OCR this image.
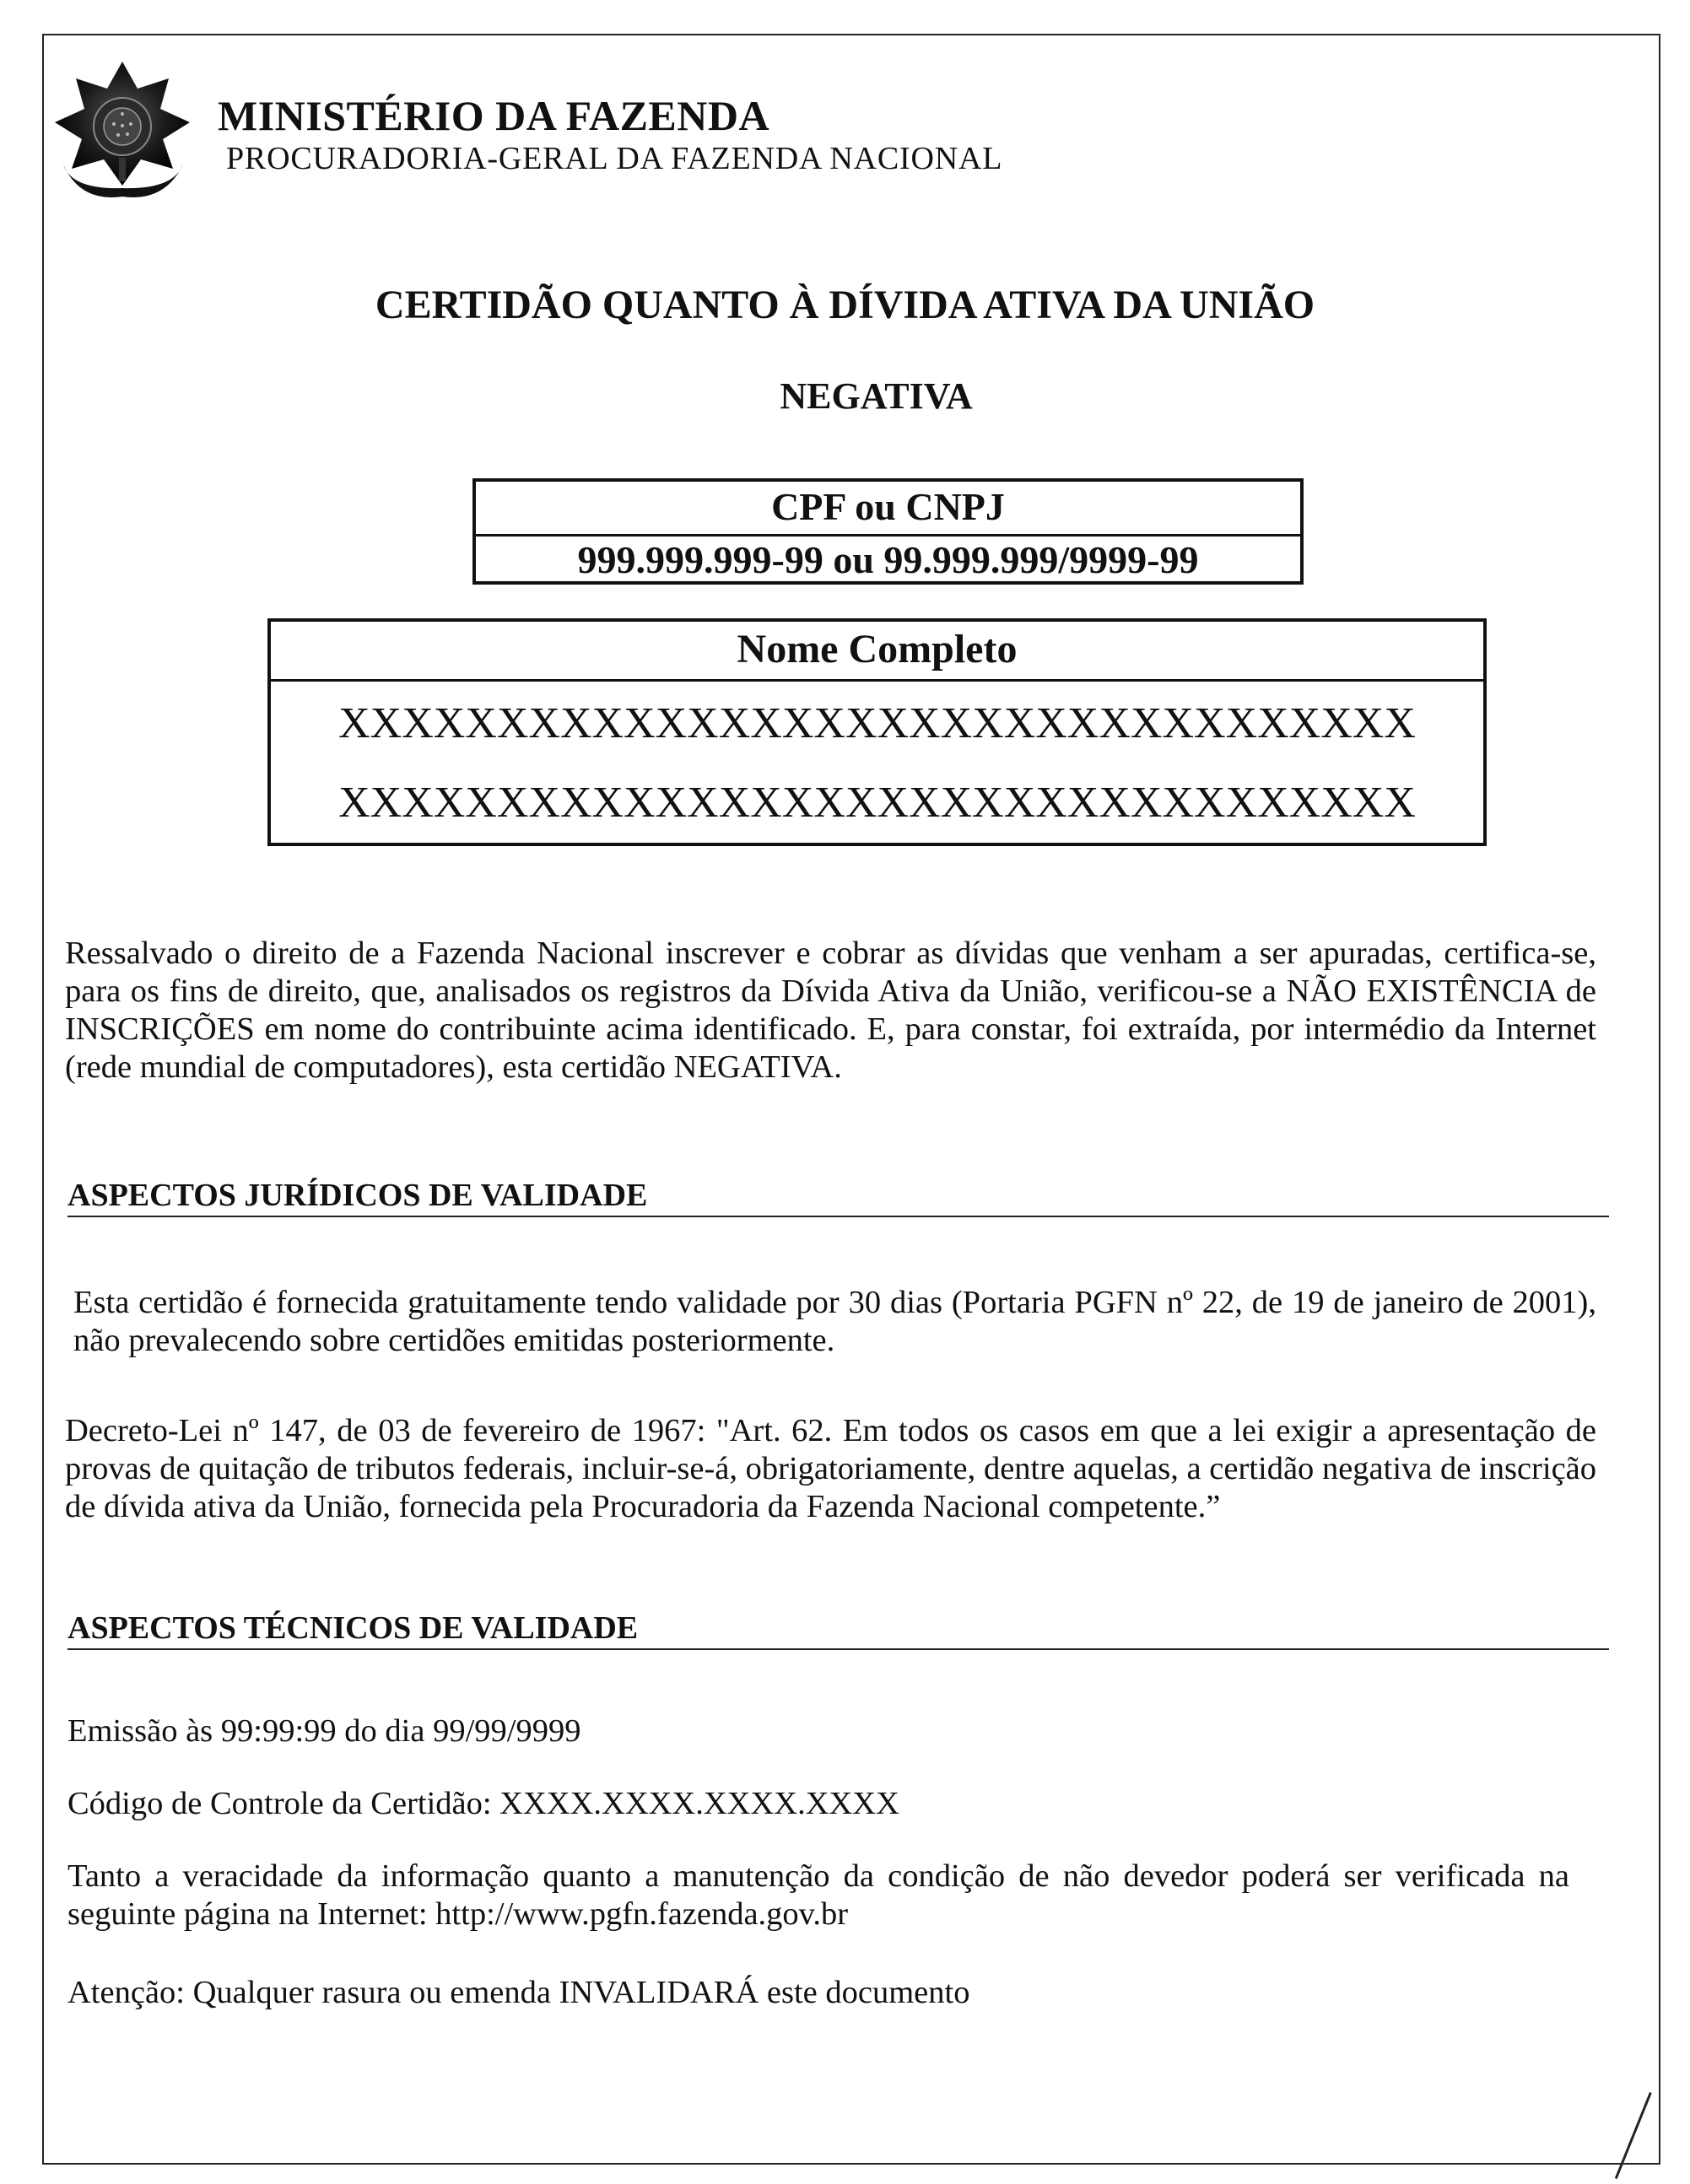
MINISTÉRIO DA FAZENDA
PROCURADORIA-GERAL DA FAZENDA NACIONAL
CERTIDÃO QUANTO À DÍVIDA ATIVA DA UNIÃO
NEGATIVA
CPF ou CNPJ
999.999.999-99 ou 99.999.999/9999-99
Nome Completo
XXXXXXXXXXXXXXXXXXXXXXXXXXXXXXXXXX
XXXXXXXXXXXXXXXXXXXXXXXXXXXXXXXXXX
Ressalvado o direito de a Fazenda Nacional inscrever e cobrar as dívidas que venham a ser apuradas, certifica-se, para os fins de direito, que, analisados os registros da Dívida Ativa da União, verificou-se a NÃO EXISTÊNCIA de INSCRIÇÕES em nome do contribuinte acima identificado. E, para constar, foi extraída, por intermédio da Internet (rede mundial de computadores), esta certidão NEGATIVA.
ASPECTOS JURÍDICOS DE VALIDADE
Esta certidão é fornecida gratuitamente tendo validade por 30 dias (Portaria PGFN nº 22, de 19 de janeiro de 2001), não prevalecendo sobre certidões emitidas posteriormente.
Decreto-Lei nº 147, de 03 de fevereiro de 1967: "Art. 62. Em todos os casos em que a lei exigir a apresentação de provas de quitação de tributos federais, incluir-se-á, obrigatoriamente, dentre aquelas, a certidão negativa de inscrição de dívida ativa da União, fornecida pela Procuradoria da Fazenda Nacional competente.”
ASPECTOS TÉCNICOS DE VALIDADE
Emissão às 99:99:99 do dia 99/99/9999
Código de Controle da Certidão: XXXX.XXXX.XXXX.XXXX
Tanto a veracidade da informação quanto a manutenção da condição de não devedor poderá ser verificada na seguinte página na Internet: http://www.pgfn.fazenda.gov.br
Atenção: Qualquer rasura ou emenda INVALIDARÁ este documento
